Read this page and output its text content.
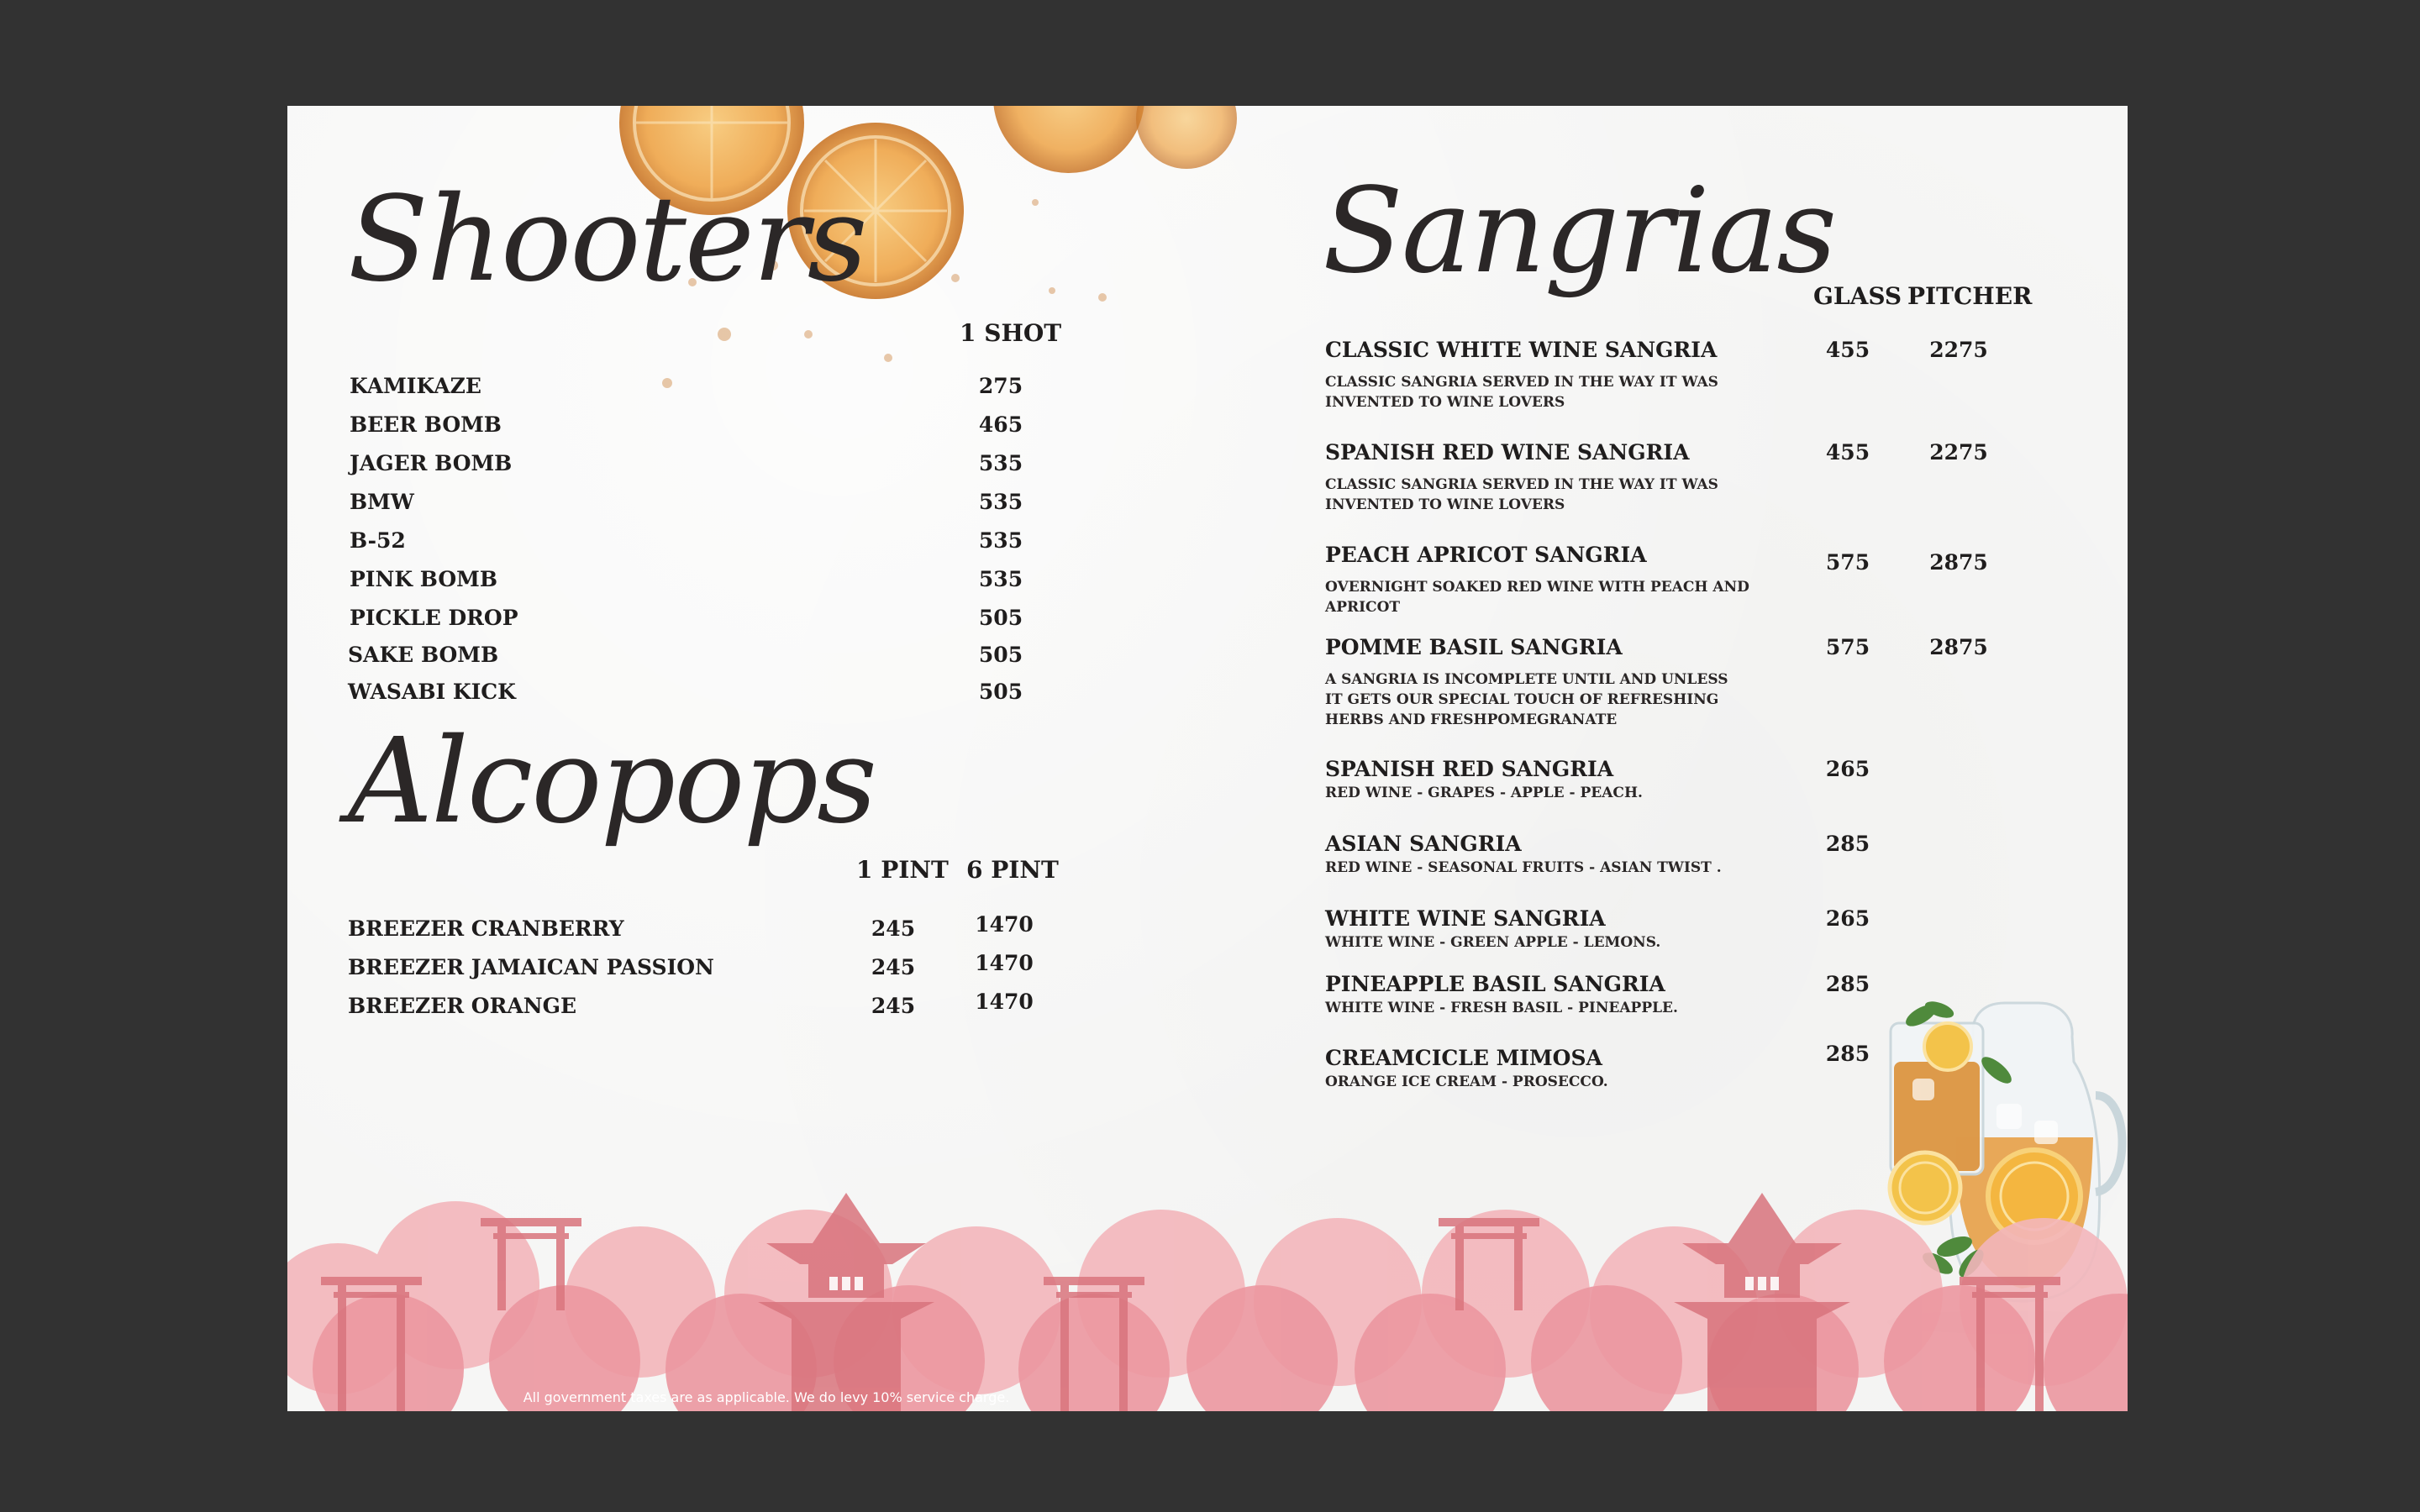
Shooters
1 SHOT
KAMIKAZE	275
BEER BOMB	465
JAGER BOMB	535
BMW	535
B-52	535
PINK BOMB	535
PICKLE DROP	505
SAKE BOMB	505
WASABI KICK	505
Alcopops
1 PINT 6 PINT
BREEZER CRANBERRY	245	1470
BREEZER JAMAICAN PASSION	245	1470
BREEZER ORANGE	245	1470
Sangrias
GLASS PITCHER
CLASSIC WHITE WINE SANGRIA
CLASSIC SANGRIA SERVED IN THE WAY IT WAS INVENTED TO WINE LOVERS
455	2275
SPANISH RED WINE SANGRIA
CLASSIC SANGRIA SERVED IN THE WAY IT WAS INVENTED TO WINE LOVERS
455	2275
PEACH APRICOT SANGRIA
OVERNIGHT SOAKED RED WINE WITH PEACH AND APRICOT
575	2875
POMME BASIL SANGRIA
A SANGRIA IS INCOMPLETE UNTIL AND UNLESS IT GETS OUR SPECIAL TOUCH OF REFRESHING HERBS AND FRESHPOMEGRANATE
575	2875
SPANISH RED SANGRIA
RED WINE - GRAPES - APPLE - PEACH.
265
ASIAN SANGRIA
RED WINE - SEASONAL FRUITS - ASIAN TWIST .
285
WHITE WINE SANGRIA
WHITE WINE - GREEN APPLE - LEMONS.
265
PINEAPPLE BASIL SANGRIA
WHITE WINE - FRESH BASIL - PINEAPPLE.
285
CREAMCICLE MIMOSA
ORANGE ICE CREAM - PROSECCO.
285
All government taxes are as applicable. We do levy 10% service charge.
